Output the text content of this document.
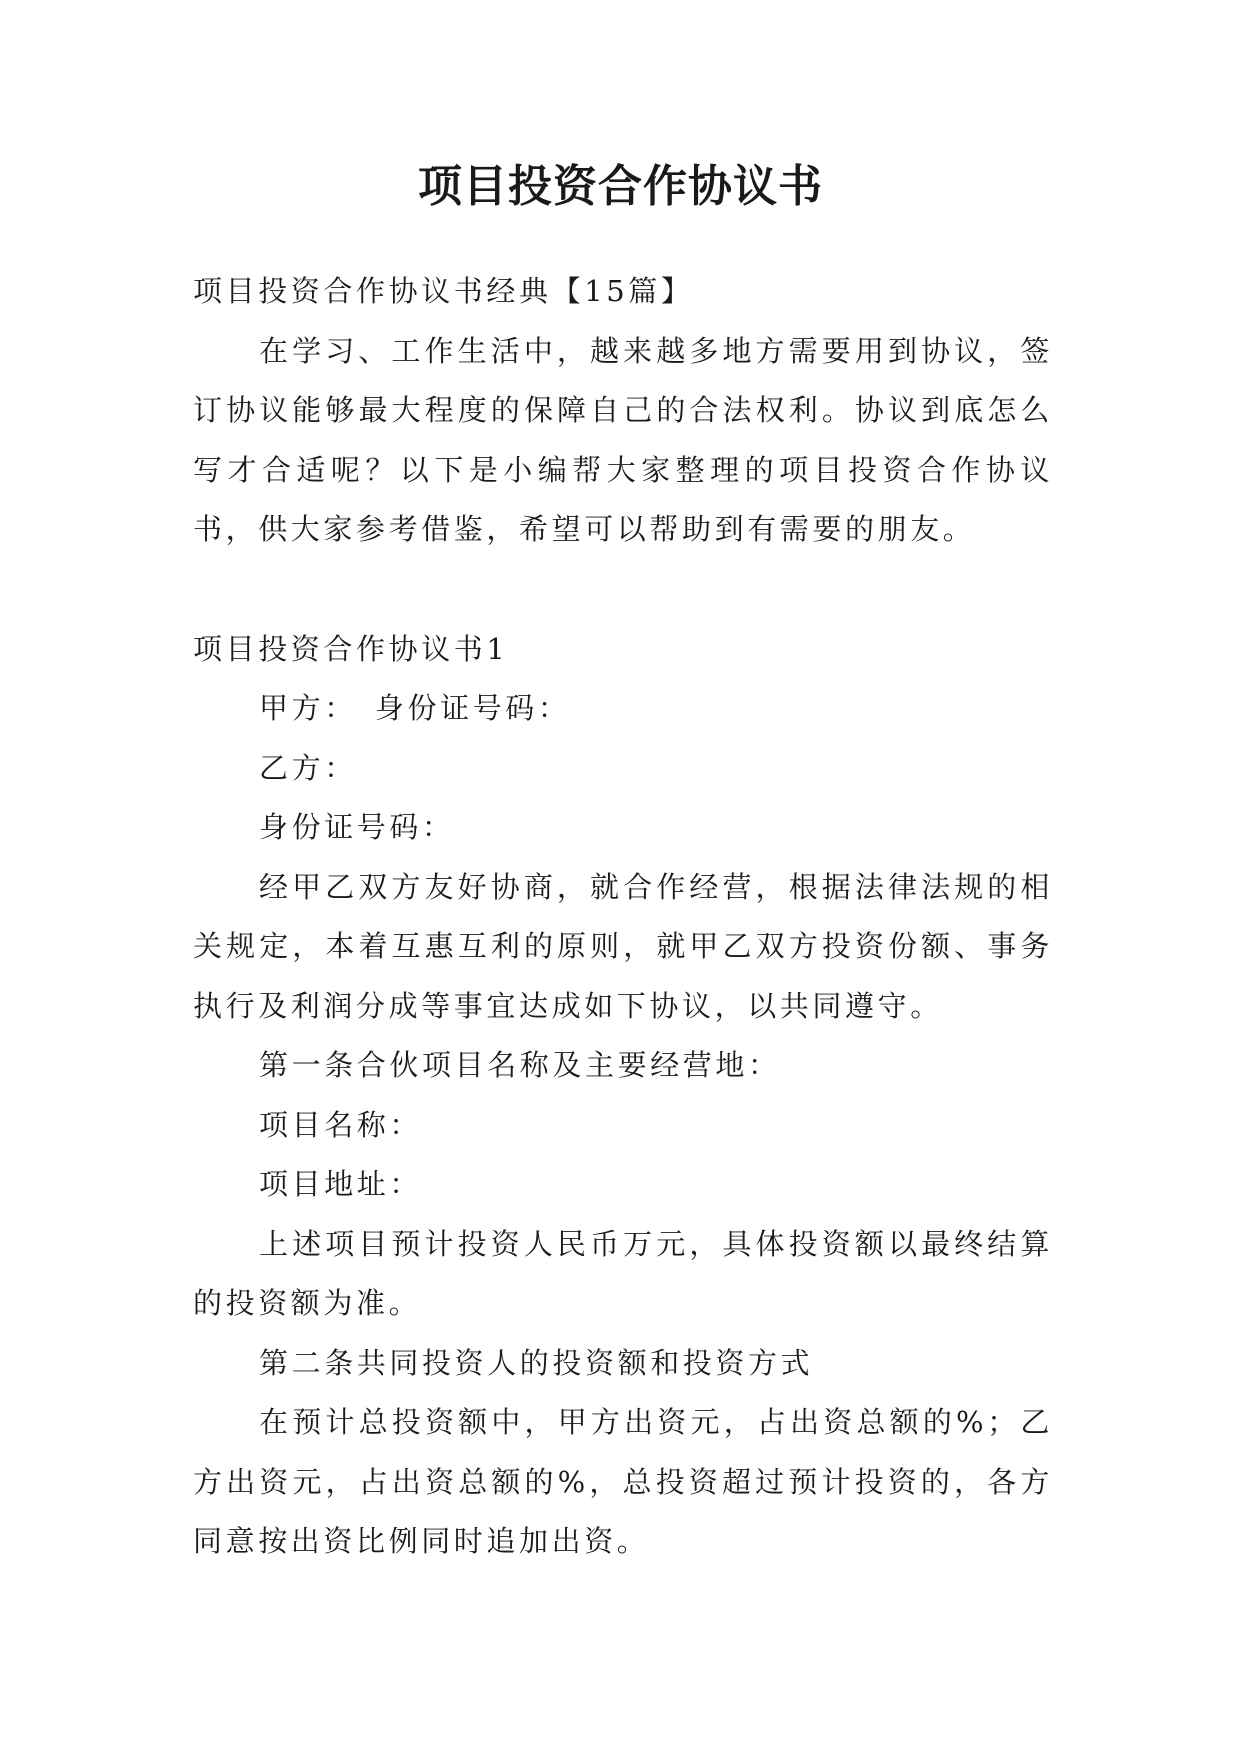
项目投资合作协议书

项目投资合作协议书经典【15篇】

在学习、工作生活中，越来越多地方需要用到协议，签订协议能够最大程度的保障自己的合法权利。协议到底怎么写才合适呢？以下是小编帮大家整理的项目投资合作协议书，供大家参考借鉴，希望可以帮助到有需要的朋友。

项目投资合作协议书1

甲方：　身份证号码：

乙方：

身份证号码：

经甲乙双方友好协商，就合作经营，根据法律法规的相关规定，本着互惠互利的原则，就甲乙双方投资份额、事务执行及利润分成等事宜达成如下协议，以共同遵守。

第一条合伙项目名称及主要经营地：

项目名称：

项目地址：

上述项目预计投资人民币万元，具体投资额以最终结算的投资额为准。

第二条共同投资人的投资额和投资方式

在预计总投资额中，甲方出资元，占出资总额的%；乙方出资元，占出资总额的%，总投资超过预计投资的，各方同意按出资比例同时追加出资。
